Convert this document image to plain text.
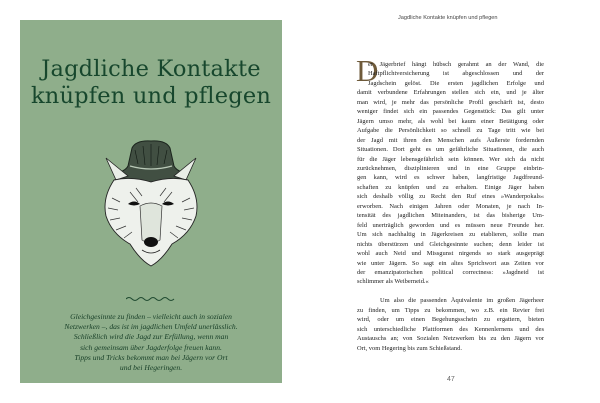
Jagdliche Kontakte
knüpfen und pflegen
Gleichgesinnte zu finden – vielleicht auch in sozialen
Netzwerken –, das ist im jagdlichen Umfeld unerlässlich.
Schließlich wird die Jagd zur Erfüllung, wenn man
sich gemeinsam über Jagderfolge freuen kann.
Tipps und Tricks bekommt man bei Jägern vor Ort
und bei Hegeringen.
Jagdliche Kontakte knüpfen und pflegen
D
er Jägerbrief hängt hübsch gerahmt an der Wand, die
Haftpflichtversicherung ist abgeschlossen und der
Jagdschein gelöst. Die ersten jagdlichen Erfolge und
damit verbundene Erfahrungen stellen sich ein, und je älter
man wird, je mehr das persönliche Profil geschärft ist, desto
weniger findet sich ein passendes Gegenstück: Das gilt unter
Jägern umso mehr, als wohl bei kaum einer Betätigung oder
Aufgabe die Persönlichkeit so schnell zu Tage tritt wie bei
der Jagd mit ihren den Menschen aufs Äußerste fordernden
Situationen. Dort geht es um gefährliche Situationen, die auch
für die Jäger lebensgefährlich sein können. Wer sich da nicht
zurücknehmen, disziplinieren und in eine Gruppe einbrin-
gen kann, wird es schwer haben, langfristige Jagdfreund-
schaften zu knüpfen und zu erhalten. Einige Jäger haben
sich deshalb völlig zu Recht den Ruf eines »Wanderpokals«
erworben. Nach einigen Jahren oder Monaten, je nach In-
tensität des jagdlichen Miteinanders, ist das bisherige Um-
feld unerträglich geworden und es müssen neue Freunde her.
Um sich nachhaltig in Jägerkreisen zu etablieren, sollte man
nichts überstürzen und Gleichgesinnte suchen; denn leider ist
wohl auch Neid und Missgunst nirgends so stark ausgeprägt
wie unter Jägern. So sagt ein altes Sprichwort aus Zeiten vor
der emanzipatorischen political correctness: »Jagdneid ist
schlimmer als Weiberneid.«
Um also die passenden Äquivalente im großen Jägerheer
zu finden, um Tipps zu bekommen, wo z.B. ein Revier frei
wird, oder um einen Begehungsschein zu ergattern, bieten
sich unterschiedliche Plattformen des Kennenlernens und des
Austauschs an; von Sozialen Netzwerken bis zu den Jägern vor
Ort, vom Hegering bis zum Schießstand.
47
